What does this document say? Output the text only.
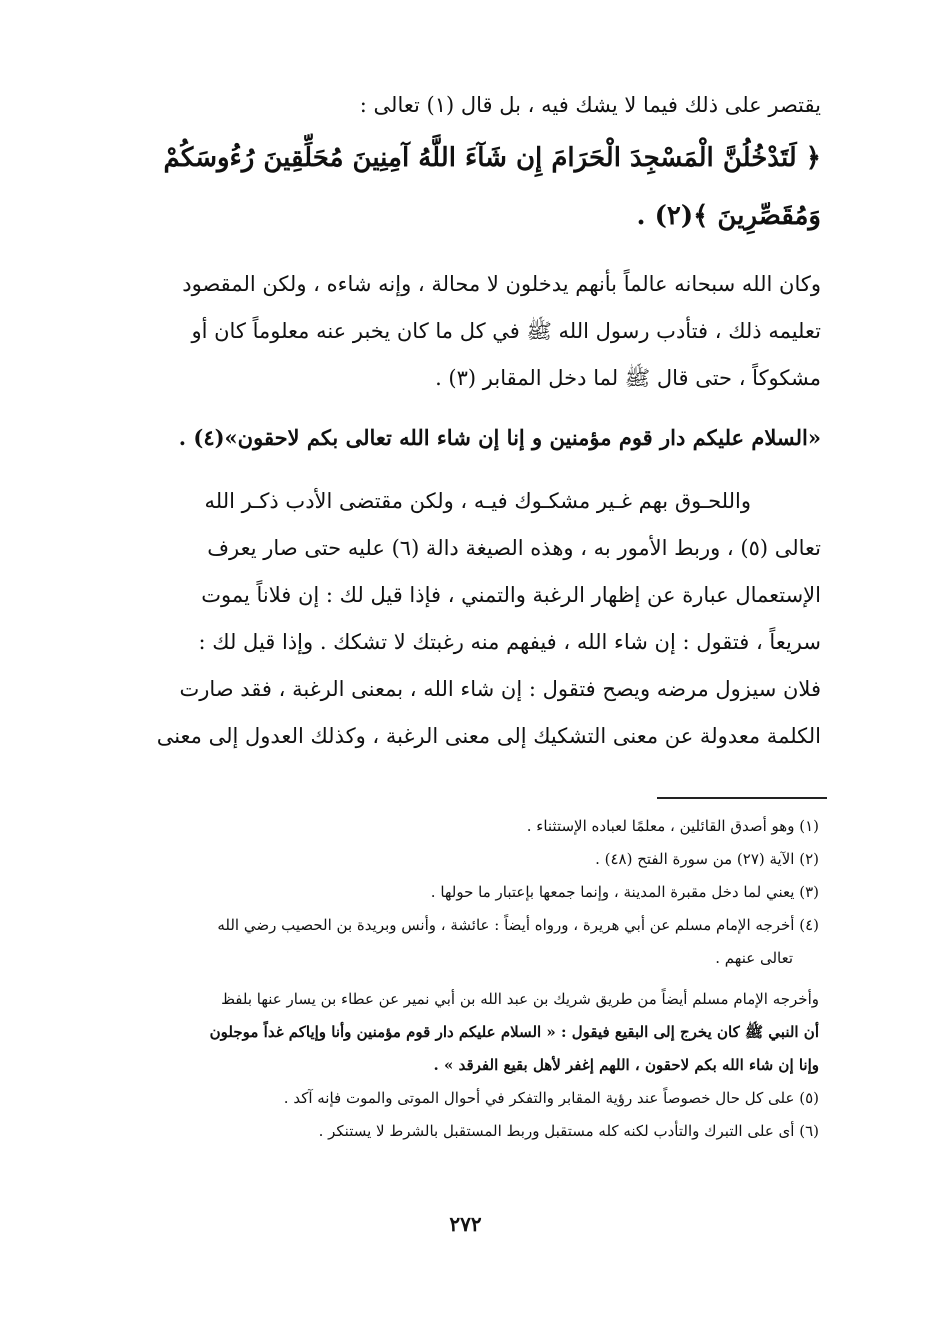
يقتصر على ذلك فيما لا يشك فيه ، بل قال (١) تعالى :
﴿ لَتَدْخُلُنَّ الْمَسْجِدَ الْحَرَامَ إِن شَآءَ اللَّهُ آمِنِينَ مُحَلِّقِينَ رُءُوسَكُمْ
وَمُقَصِّرِينَ ﴾(٢) .
وكان الله سبحانه عالماً بأنهم يدخلون لا محالة ، وإنه شاءه ، ولكن المقصود
تعليمه ذلك ، فتأدب رسول الله ﷺ في كل ما كان يخبر عنه معلوماً كان أو
مشكوكاً ، حتى قال ﷺ لما دخل المقابر (٣) .
«السلام عليكم دار قوم مؤمنين و إنا إن شاء الله تعالى بكم لاحقون»(٤) .
واللحـوق بهم غـير مشكـوك فيـه ، ولكن مقتضى الأدب ذكـر الله
تعالى (٥) ، وربط الأمور به ، وهذه الصيغة دالة (٦) عليه حتى صار يعرف
الإستعمال عبارة عن إظهار الرغبة والتمني ، فإذا قيل لك : إن فلاناً يموت
سريعاً ، فتقول : إن شاء الله ، فيفهم منه رغبتك لا تشكك . وإذا قيل لك :
فلان سيزول مرضه ويصح فتقول : إن شاء الله ، بمعنى الرغبة ، فقد صارت
الكلمة معدولة عن معنى التشكيك إلى معنى الرغبة ، وكذلك العدول إلى معنى
(١) وهو أصدق القائلين ، معلمًا لعباده الإستثناء .
(٢) الآية (٢٧) من سورة الفتح (٤٨) .
(٣) يعني لما دخل مقبرة المدينة ، وإنما جمعها بإعتبار ما حولها .
(٤) أخرجه الإمام مسلم عن أبي هريرة ، ورواه أيضاً : عائشة ، وأنس وبريدة بن الحصيب رضي الله
تعالى عنهم .
وأخرجه الإمام مسلم أيضاً من طريق شريك بن عبد الله بن أبي نمير عن عطاء بن يسار عنها بلفظ
أن النبي ﷺ كان يخرج إلى البقيع فيقول : « السلام عليكم دار قوم مؤمنين وأنا وإياكم غداً موجلون
وإنا إن شاء الله بكم لاحقون ، اللهم إغفر لأهل بقيع الفرقد » .
(٥) على كل حال خصوصاً عند رؤية المقابر والتفكر في أحوال الموتى والموت فإنه آكد .
(٦) أى على التبرك والتأدب لكنه كله مستقبل وربط المستقبل بالشرط لا يستنكر .
٢٧٢
